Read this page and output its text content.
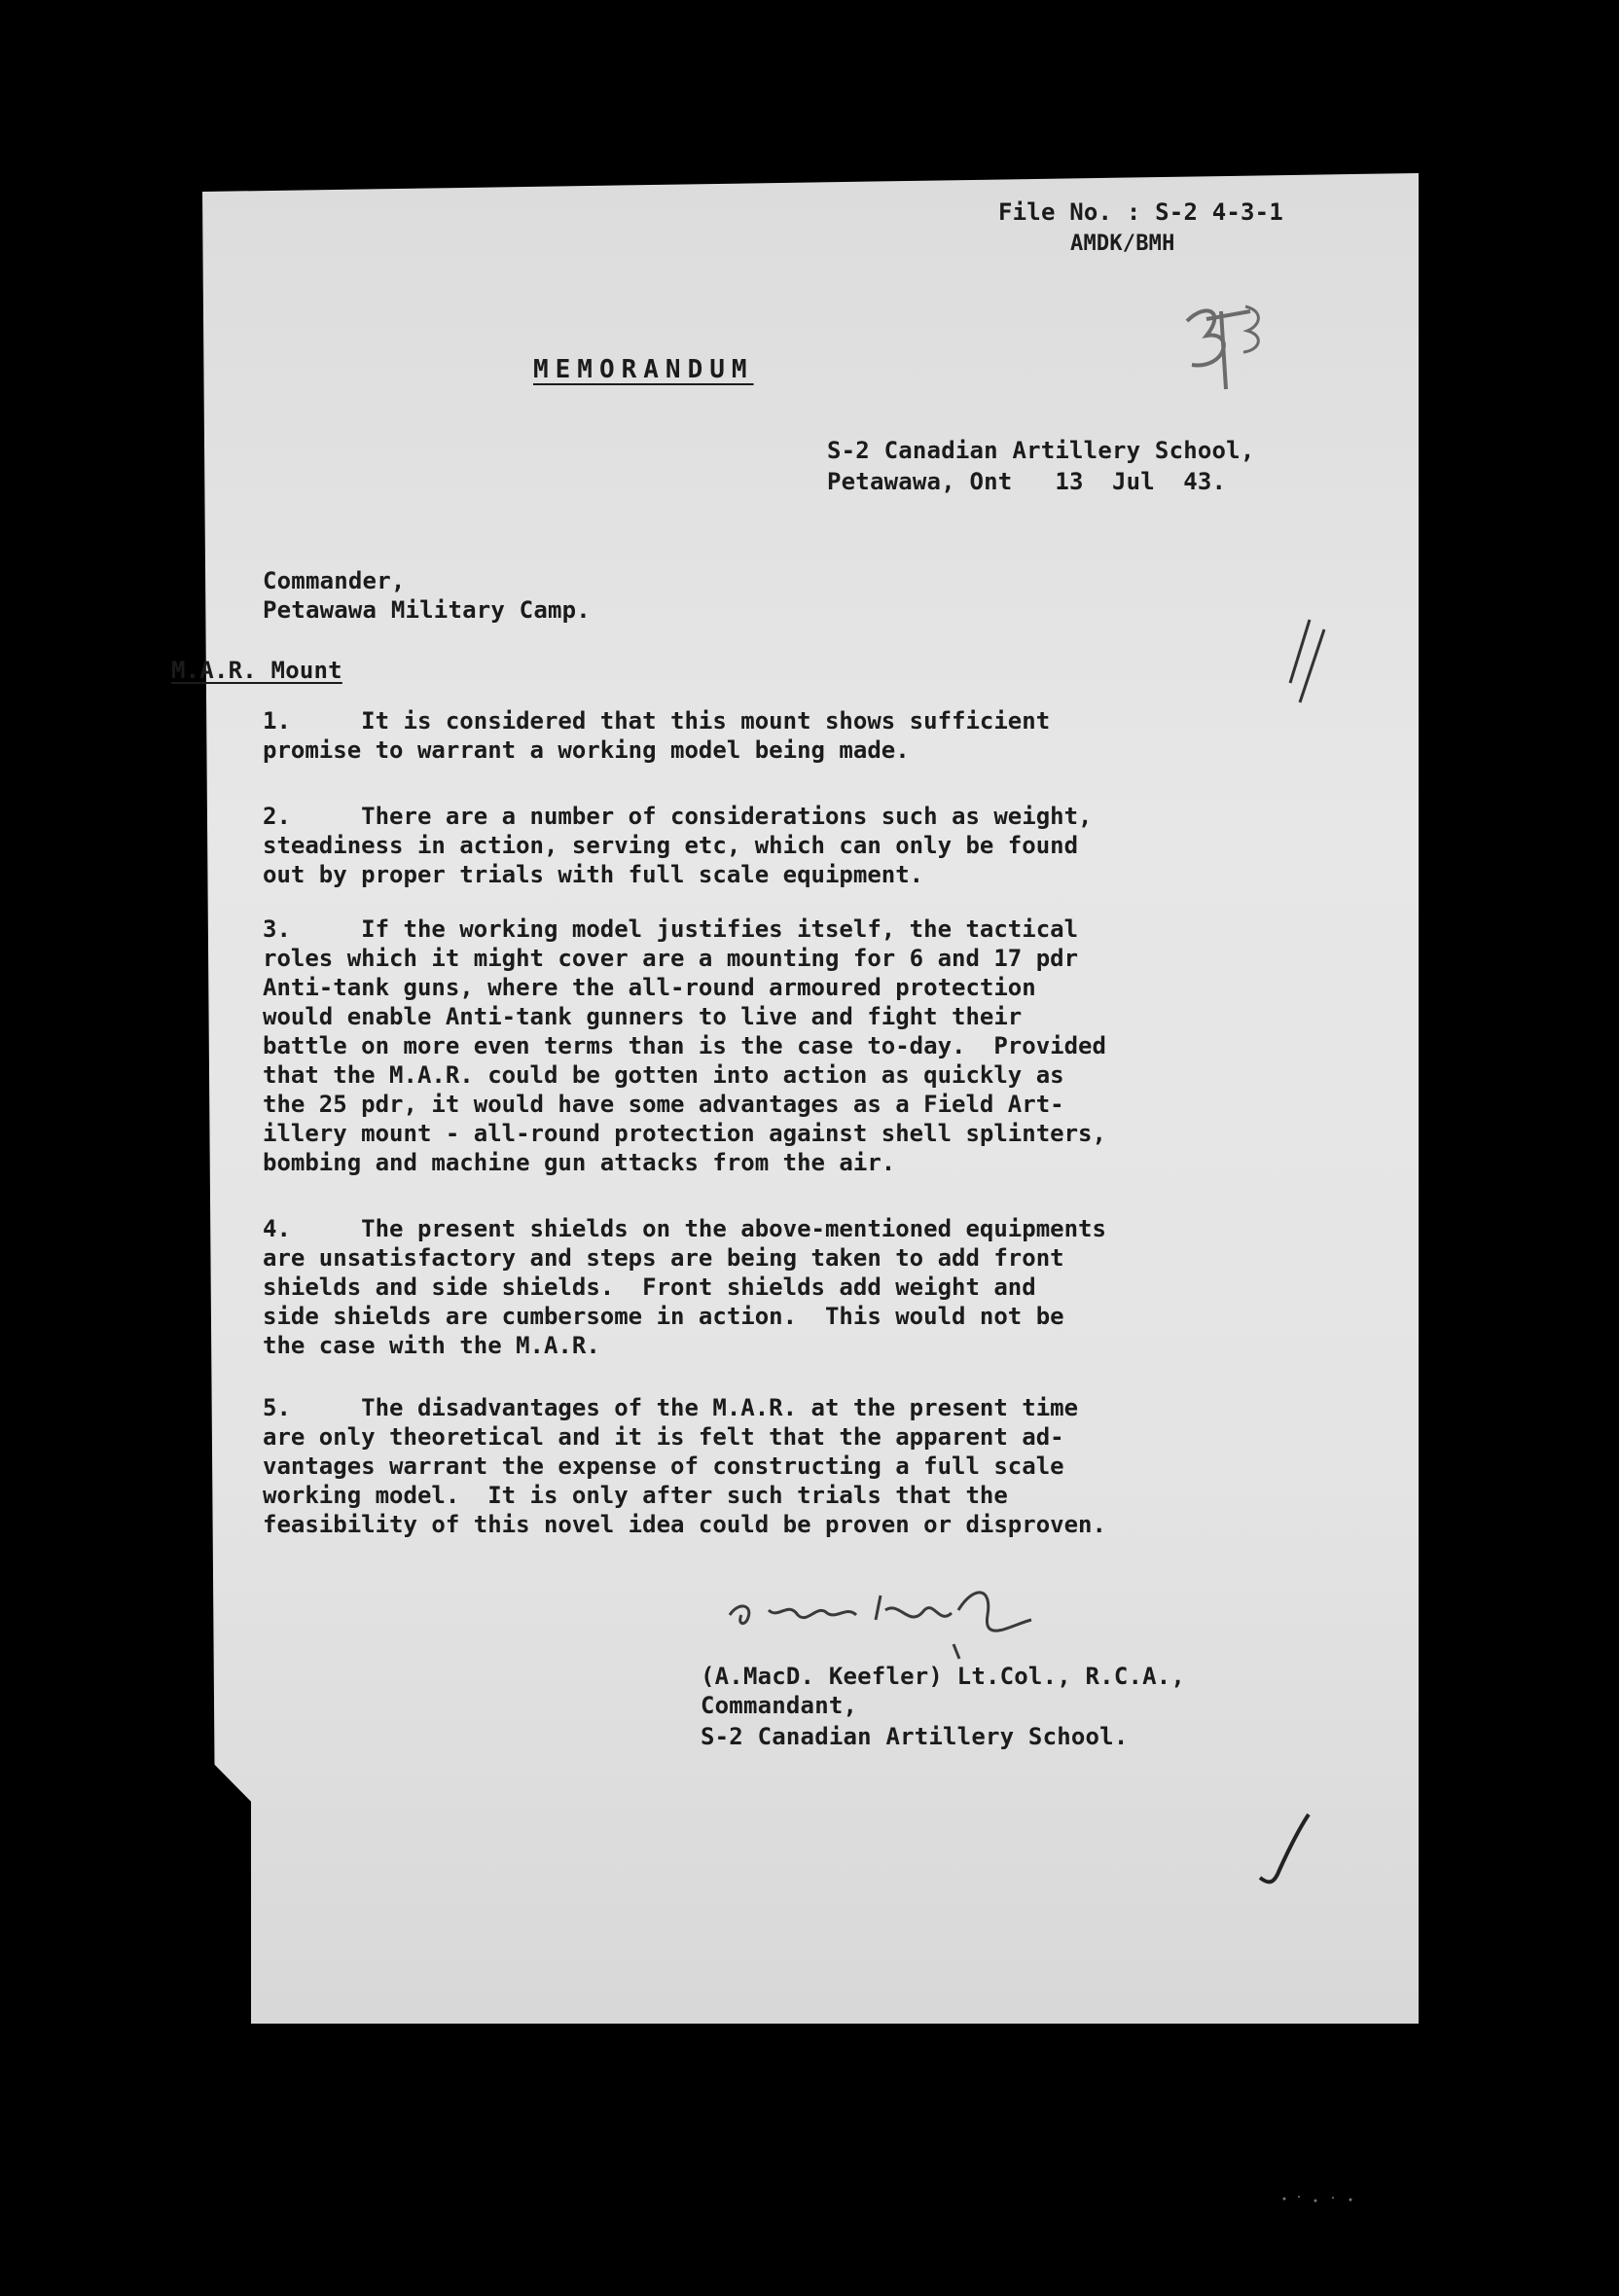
File No. : S-2 4-3-1
AMDK/BMH
MEMORANDUM
S-2 Canadian Artillery School,
Petawawa, Ont   13  Jul  43.
Commander,
Petawawa Military Camp.
M.A.R. Mount
1.     It is considered that this mount shows sufficient
promise to warrant a working model being made.
2.     There are a number of considerations such as weight,
steadiness in action, serving etc, which can only be found
out by proper trials with full scale equipment.
3.     If the working model justifies itself, the tactical
roles which it might cover are a mounting for 6 and 17 pdr
Anti-tank guns, where the all-round armoured protection
would enable Anti-tank gunners to live and fight their
battle on more even terms than is the case to-day.  Provided
that the M.A.R. could be gotten into action as quickly as
the 25 pdr, it would have some advantages as a Field Art-
illery mount - all-round protection against shell splinters,
bombing and machine gun attacks from the air.
4.     The present shields on the above-mentioned equipments
are unsatisfactory and steps are being taken to add front
shields and side shields.  Front shields add weight and
side shields are cumbersome in action.  This would not be
the case with the M.A.R.
5.     The disadvantages of the M.A.R. at the present time
are only theoretical and it is felt that the apparent ad-
vantages warrant the expense of constructing a full scale
working model.  It is only after such trials that the
feasibility of this novel idea could be proven or disproven.
(A.MacD. Keefler) Lt.Col., R.C.A.,
Commandant,
S-2 Canadian Artillery School.
